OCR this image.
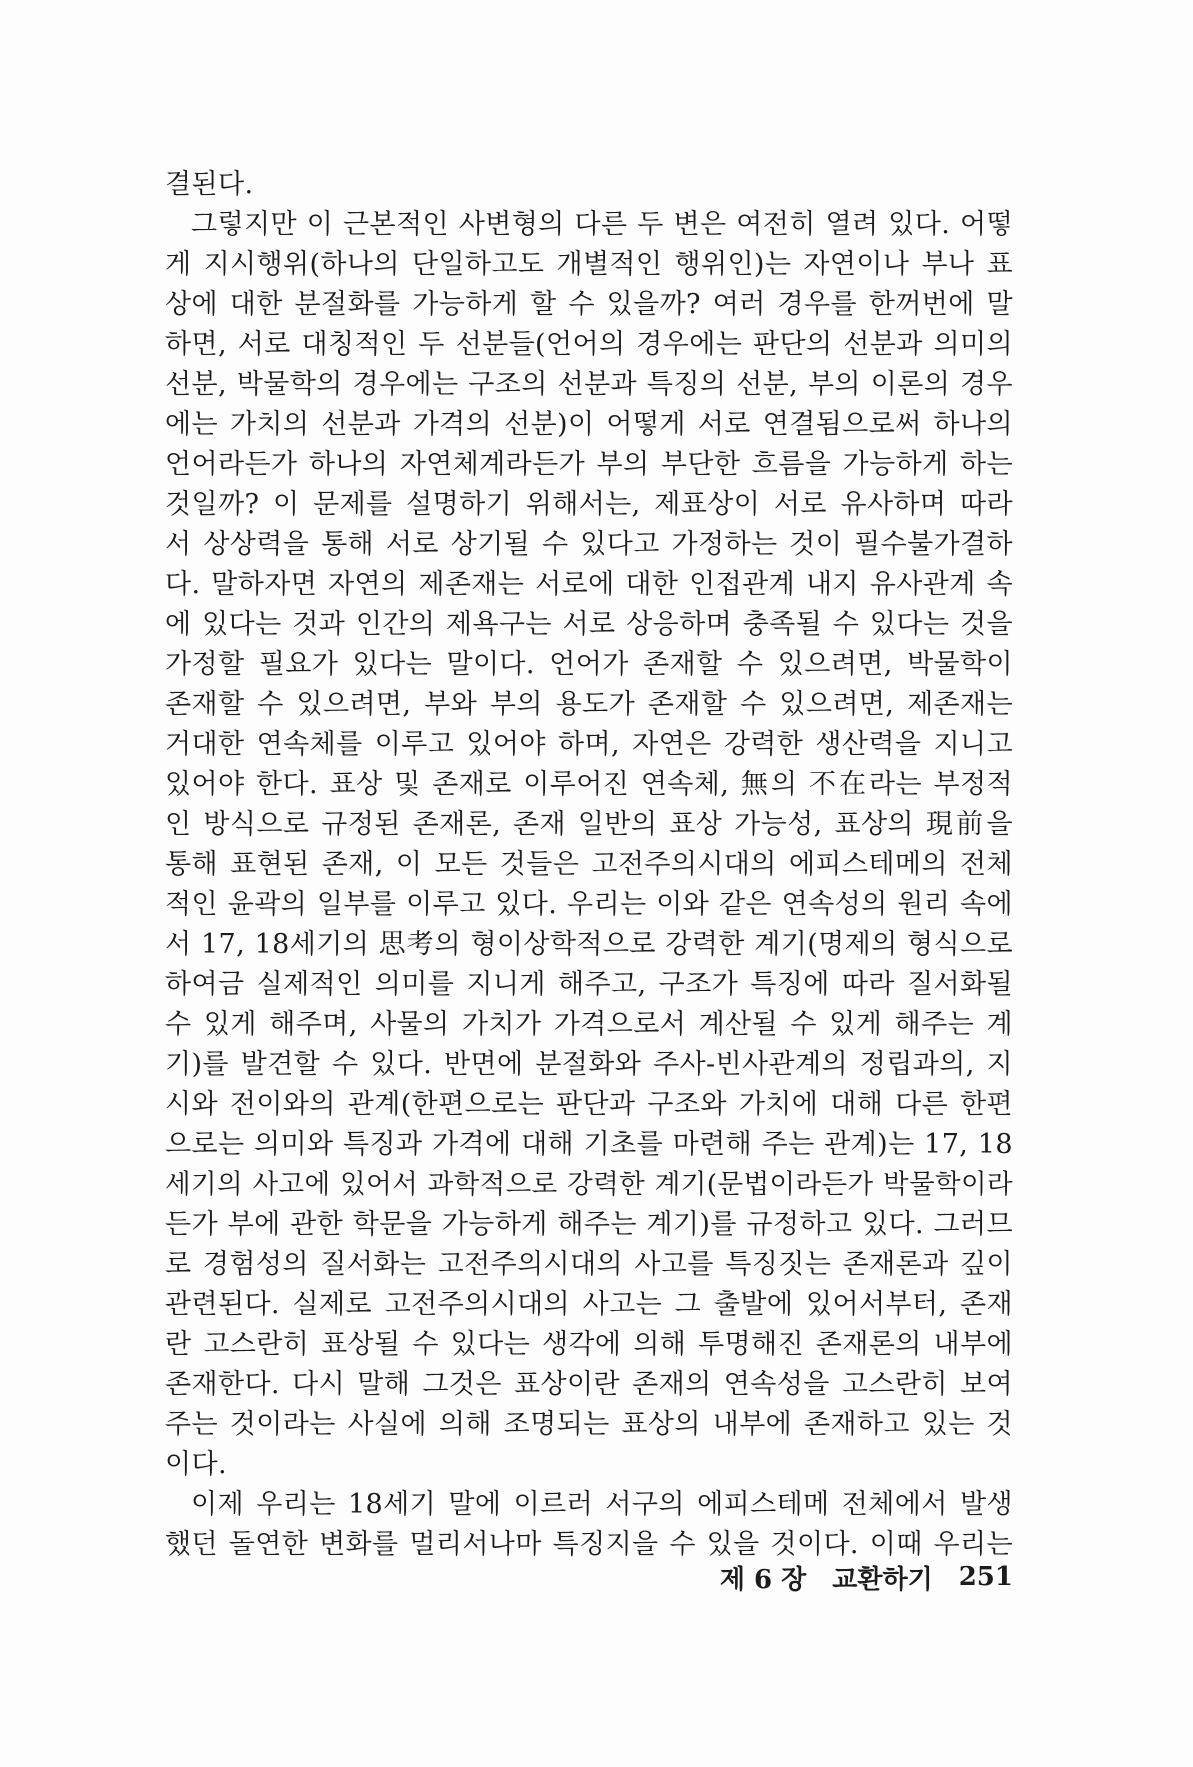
결된다.
그렇지만 이 근본적인 사변형의 다른 두 변은 여전히 열려 있다. 어떻
게 지시행위(하나의 단일하고도 개별적인 행위인)는 자연이나 부나 표
상에 대한 분절화를 가능하게 할 수 있을까? 여러 경우를 한꺼번에 말
하면, 서로 대칭적인 두 선분들(언어의 경우에는 판단의 선분과 의미의
선분, 박물학의 경우에는 구조의 선분과 특징의 선분, 부의 이론의 경우
에는 가치의 선분과 가격의 선분)이 어떻게 서로 연결됨으로써 하나의
언어라든가 하나의 자연체계라든가 부의 부단한 흐름을 가능하게 하는
것일까? 이 문제를 설명하기 위해서는, 제표상이 서로 유사하며 따라
서 상상력을 통해 서로 상기될 수 있다고 가정하는 것이 필수불가결하
다. 말하자면 자연의 제존재는 서로에 대한 인접관계 내지 유사관계 속
에 있다는 것과 인간의 제욕구는 서로 상응하며 충족될 수 있다는 것을
가정할 필요가 있다는 말이다. 언어가 존재할 수 있으려면, 박물학이
존재할 수 있으려면, 부와 부의 용도가 존재할 수 있으려면, 제존재는
거대한 연속체를 이루고 있어야 하며, 자연은 강력한 생산력을 지니고
있어야 한다. 표상 및 존재로 이루어진 연속체, 無의 不在라는 부정적
인 방식으로 규정된 존재론, 존재 일반의 표상 가능성, 표상의 現前을
통해 표현된 존재, 이 모든 것들은 고전주의시대의 에피스테메의 전체
적인 윤곽의 일부를 이루고 있다. 우리는 이와 같은 연속성의 원리 속에
서 17, 18세기의 思考의 형이상학적으로 강력한 계기(명제의 형식으로
하여금 실제적인 의미를 지니게 해주고, 구조가 특징에 따라 질서화될
수 있게 해주며, 사물의 가치가 가격으로서 계산될 수 있게 해주는 계
기)를 발견할 수 있다. 반면에 분절화와 주사-빈사관계의 정립과의, 지
시와 전이와의 관계(한편으로는 판단과 구조와 가치에 대해 다른 한편
으로는 의미와 특징과 가격에 대해 기초를 마련해 주는 관계)는 17, 18
세기의 사고에 있어서 과학적으로 강력한 계기(문법이라든가 박물학이라
든가 부에 관한 학문을 가능하게 해주는 계기)를 규정하고 있다. 그러므
로 경험성의 질서화는 고전주의시대의 사고를 특징짓는 존재론과 깊이
관련된다. 실제로 고전주의시대의 사고는 그 출발에 있어서부터, 존재
란 고스란히 표상될 수 있다는 생각에 의해 투명해진 존재론의 내부에
존재한다. 다시 말해 그것은 표상이란 존재의 연속성을 고스란히 보여
주는 것이라는 사실에 의해 조명되는 표상의 내부에 존재하고 있는 것
이다.
이제 우리는 18세기 말에 이르러 서구의 에피스테메 전체에서 발생
했던 돌연한 변화를 멀리서나마 특징지을 수 있을 것이다. 이때 우리는
제 6 장 교환하기 251
